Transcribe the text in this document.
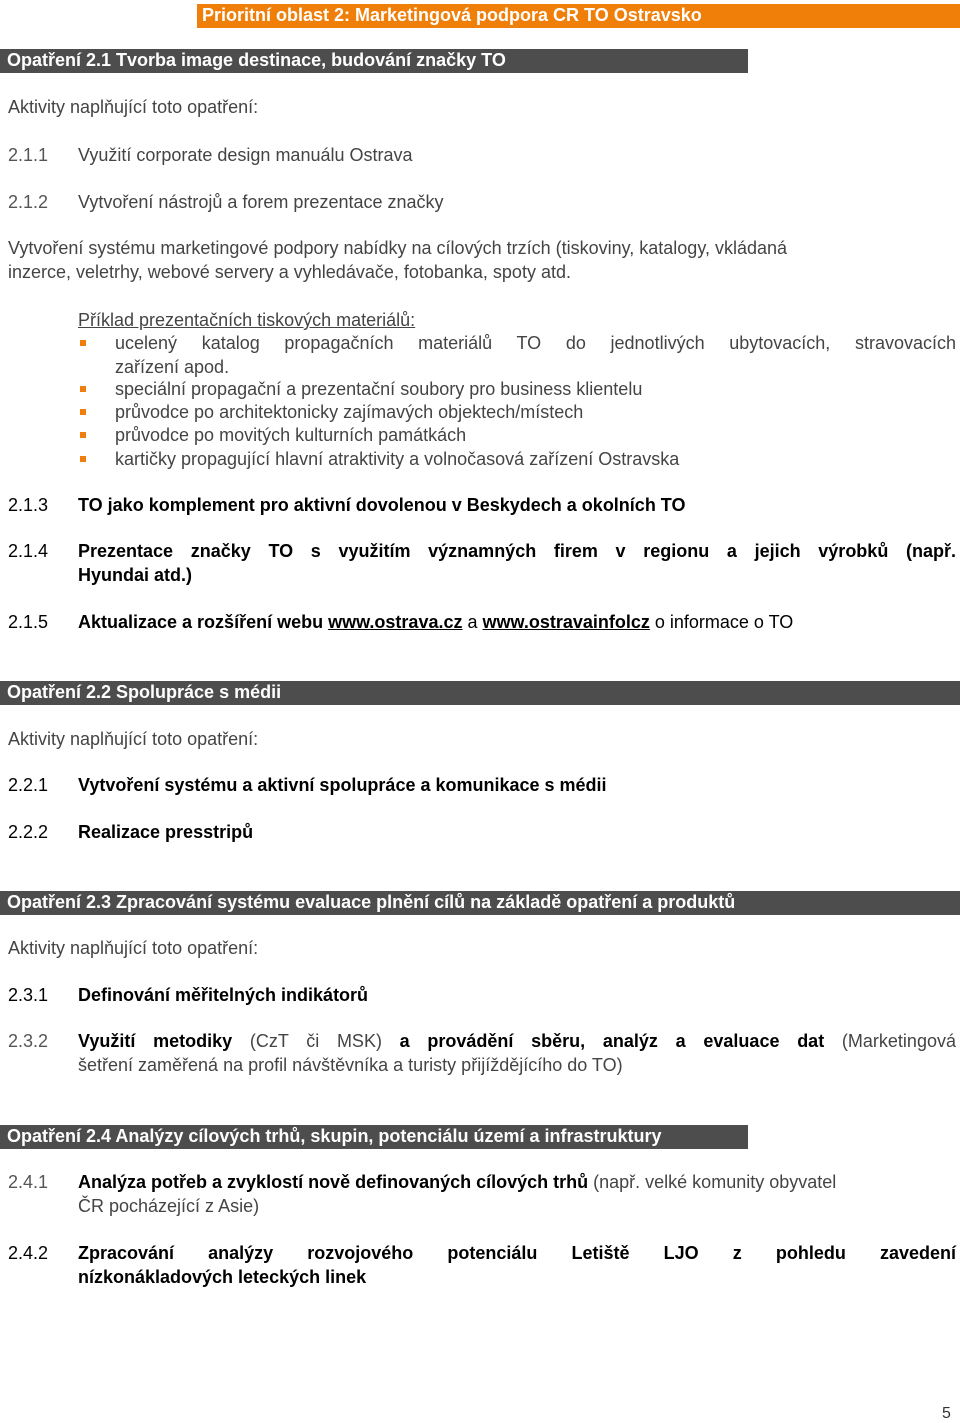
Prioritní oblast 2: Marketingová podpora CR TO Ostravsko
Opatření 2.1 Tvorba image destinace, budování značky TO
Aktivity naplňující toto opatření:
2.1.1 Využití corporate design manuálu Ostrava
2.1.2 Vytvoření nástrojů a forem prezentace značky
Vytvoření systému marketingové podpory nabídky na cílových trzích (tiskoviny, katalogy, vkládaná
inzerce, veletrhy, webové servery a vyhledávače, fotobanka, spoty atd.
Příklad prezentačních tiskových materiálů:
ucelený katalog propagačních materiálů TO do jednotlivých ubytovacích, stravovacích
zařízení apod.
speciální propagační a prezentační soubory pro business klientelu
průvodce po architektonicky zajímavých objektech/místech
průvodce po movitých kulturních památkách
kartičky propagující hlavní atraktivity a volnočasová zařízení Ostravska
2.1.3 TO jako komplement pro aktivní dovolenou v Beskydech a okolních TO
2.1.4 Prezentace značky TO s využitím významných firem v regionu a jejich výrobků (např.
Hyundai atd.)
2.1.5 Aktualizace a rozšíření webu www.ostrava.cz a www.ostravainfolcz o informace o TO
Opatření 2.2 Spolupráce s médii
Aktivity naplňující toto opatření:
2.2.1 Vytvoření systému a aktivní spolupráce a komunikace s médii
2.2.2 Realizace presstripů
Opatření 2.3 Zpracování systému evaluace plnění cílů na základě opatření a produktů
Aktivity naplňující toto opatření:
2.3.1 Definování měřitelných indikátorů
2.3.2 Využití metodiky (CzT či MSK) a provádění sběru, analýz a evaluace dat (Marketingová
šetření zaměřená na profil návštěvníka a turisty přijíždějícího do TO)
Opatření 2.4 Analýzy cílových trhů, skupin, potenciálu území a infrastruktury
2.4.1 Analýza potřeb a zvyklostí nově definovaných cílových trhů (např. velké komunity obyvatel
ČR pocházející z Asie)
2.4.2 Zpracování analýzy rozvojového potenciálu Letiště LJO z pohledu zavedení
nízkonákladových leteckých linek
5
